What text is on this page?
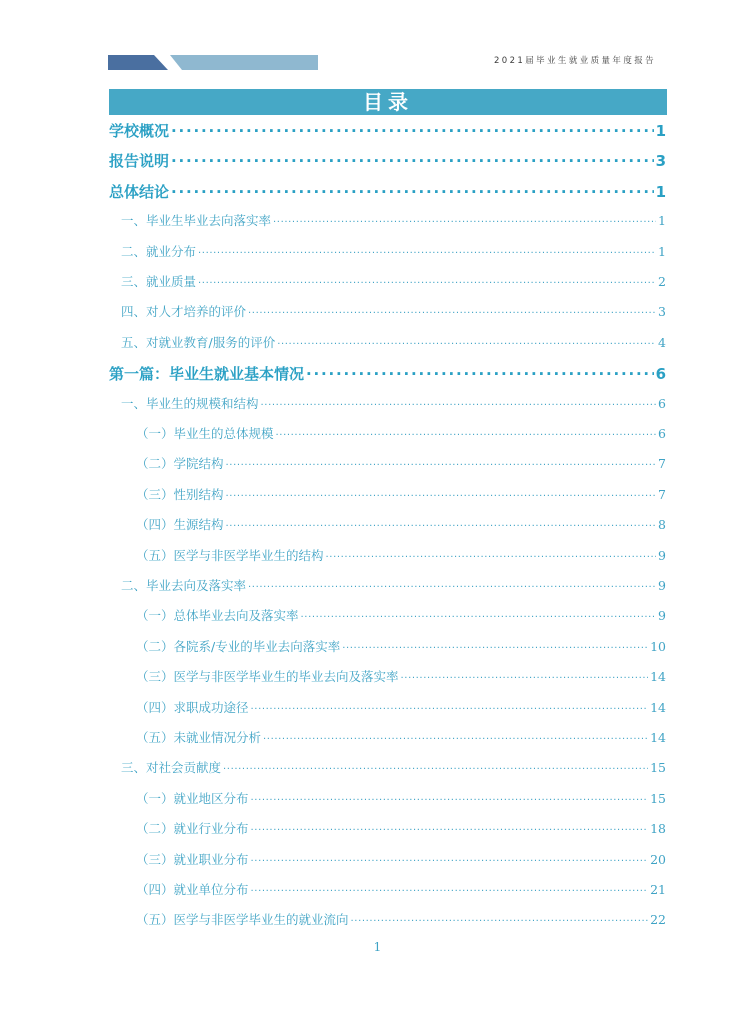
2021届毕业生就业质量年度报告
目录
学校概况 .....	1
报告说明 .....	3
总体结论 .....	1
一、毕业生毕业去向落实率 .....	1
二、就业分布 .....	1
三、就业质量 .....	2
四、对人才培养的评价 .....	3
五、对就业教育/服务的评价 .....	4
第一篇：毕业生就业基本情况 .....	6
一、毕业生的规模和结构 .....	6
（一）毕业生的总体规模 .....	6
（二）学院结构 .....	7
（三）性别结构 .....	7
（四）生源结构 .....	8
（五）医学与非医学毕业生的结构 .....	9
二、毕业去向及落实率 .....	9
（一）总体毕业去向及落实率 .....	9
（二）各院系/专业的毕业去向落实率 .....	10
（三）医学与非医学毕业生的毕业去向及落实率 .....	14
（四）求职成功途径 .....	14
（五）未就业情况分析 .....	14
三、对社会贡献度 .....	15
（一）就业地区分布 .....	15
（二）就业行业分布 .....	18
（三）就业职业分布 .....	20
（四）就业单位分布 .....	21
（五）医学与非医学毕业生的就业流向 .....	22
1
